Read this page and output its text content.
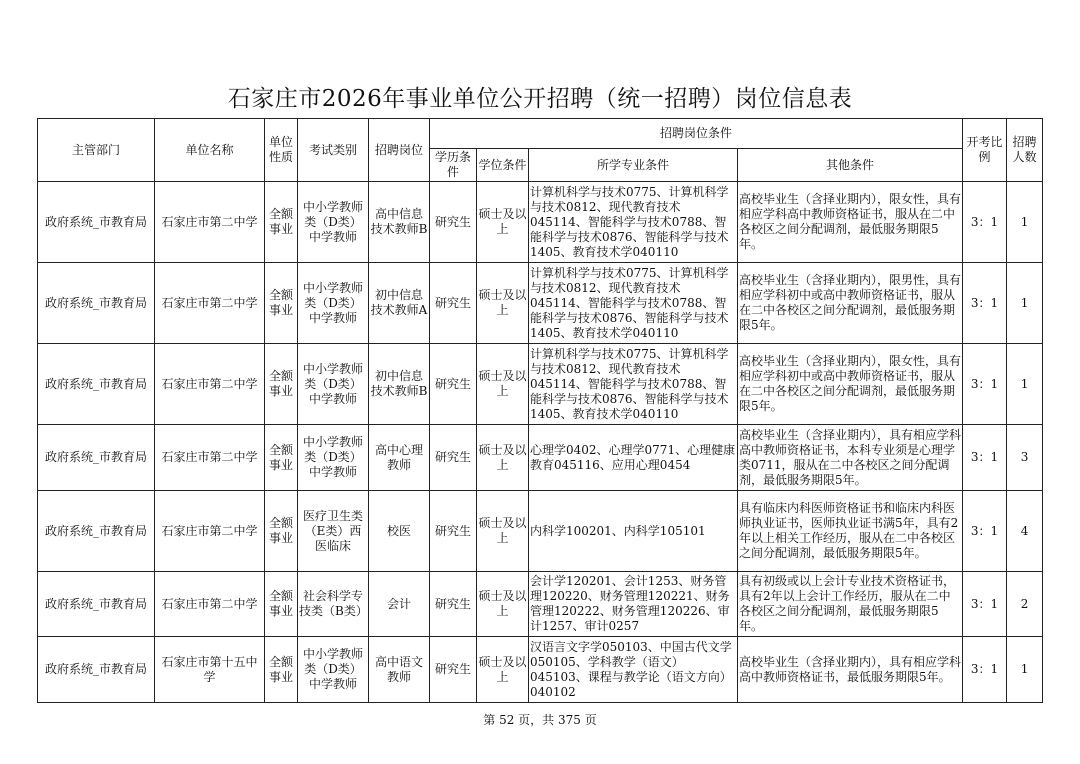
石家庄市2026年事业单位公开招聘（统一招聘）岗位信息表
主管部门	单位名称	单位性质	考试类别	招聘岗位	招聘岗位条件				开考比例	招聘人数
					学历条件	学位条件	所学专业条件	其他条件		
政府系统_市教育局	石家庄市第二中学	全额事业	中小学教师类（D类）中学教师	高中信息技术教师B	研究生	硕士及以上	计算机科学与技术0775、计算机科学与技术0812、现代教育技术045114、智能科学与技术0788、智能科学与技术0876、智能科学与技术1405、教育技术学040110	高校毕业生（含择业期内），限女性，具有相应学科高中教师资格证书，服从在二中各校区之间分配调剂，最低服务期限5年。	3：1	1
政府系统_市教育局	石家庄市第二中学	全额事业	中小学教师类（D类）中学教师	初中信息技术教师A	研究生	硕士及以上	计算机科学与技术0775、计算机科学与技术0812、现代教育技术045114、智能科学与技术0788、智能科学与技术0876、智能科学与技术1405、教育技术学040110	高校毕业生（含择业期内），限男性，具有相应学科初中或高中教师资格证书，服从在二中各校区之间分配调剂，最低服务期限5年。	3：1	1
政府系统_市教育局	石家庄市第二中学	全额事业	中小学教师类（D类）中学教师	初中信息技术教师B	研究生	硕士及以上	计算机科学与技术0775、计算机科学与技术0812、现代教育技术045114、智能科学与技术0788、智能科学与技术0876、智能科学与技术1405、教育技术学040110	高校毕业生（含择业期内），限女性，具有相应学科初中或高中教师资格证书，服从在二中各校区之间分配调剂，最低服务期限5年。	3：1	1
政府系统_市教育局	石家庄市第二中学	全额事业	中小学教师类（D类）中学教师	高中心理教师	研究生	硕士及以上	心理学0402、心理学0771、心理健康教育045116、应用心理0454	高校毕业生（含择业期内），具有相应学科高中教师资格证书，本科专业须是心理学类0711，服从在二中各校区之间分配调剂，最低服务期限5年。	3：1	3
政府系统_市教育局	石家庄市第二中学	全额事业	医疗卫生类（E类）西医临床	校医	研究生	硕士及以上	内科学100201、内科学105101	具有临床内科医师资格证书和临床内科医师执业证书，医师执业证书满5年，具有2年以上相关工作经历，服从在二中各校区之间分配调剂，最低服务期限5年。	3：1	4
政府系统_市教育局	石家庄市第二中学	全额事业	社会科学专技类（B类）	会计	研究生	硕士及以上	会计学120201、会计1253、财务管理120220、财务管理120221、财务管理120222、财务管理120226、审计1257、审计0257	具有初级或以上会计专业技术资格证书，具有2年以上会计工作经历，服从在二中各校区之间分配调剂，最低服务期限5年。	3：1	2
政府系统_市教育局	石家庄市第十五中学	全额事业	中小学教师类（D类）中学教师	高中语文教师	研究生	硕士及以上	汉语言文字学050103、中国古代文学050105、学科教学（语文）045103、课程与教学论（语文方向）040102	高校毕业生（含择业期内），具有相应学科高中教师资格证书，最低服务期限5年。	3：1	1
第 52 页，共 375 页
